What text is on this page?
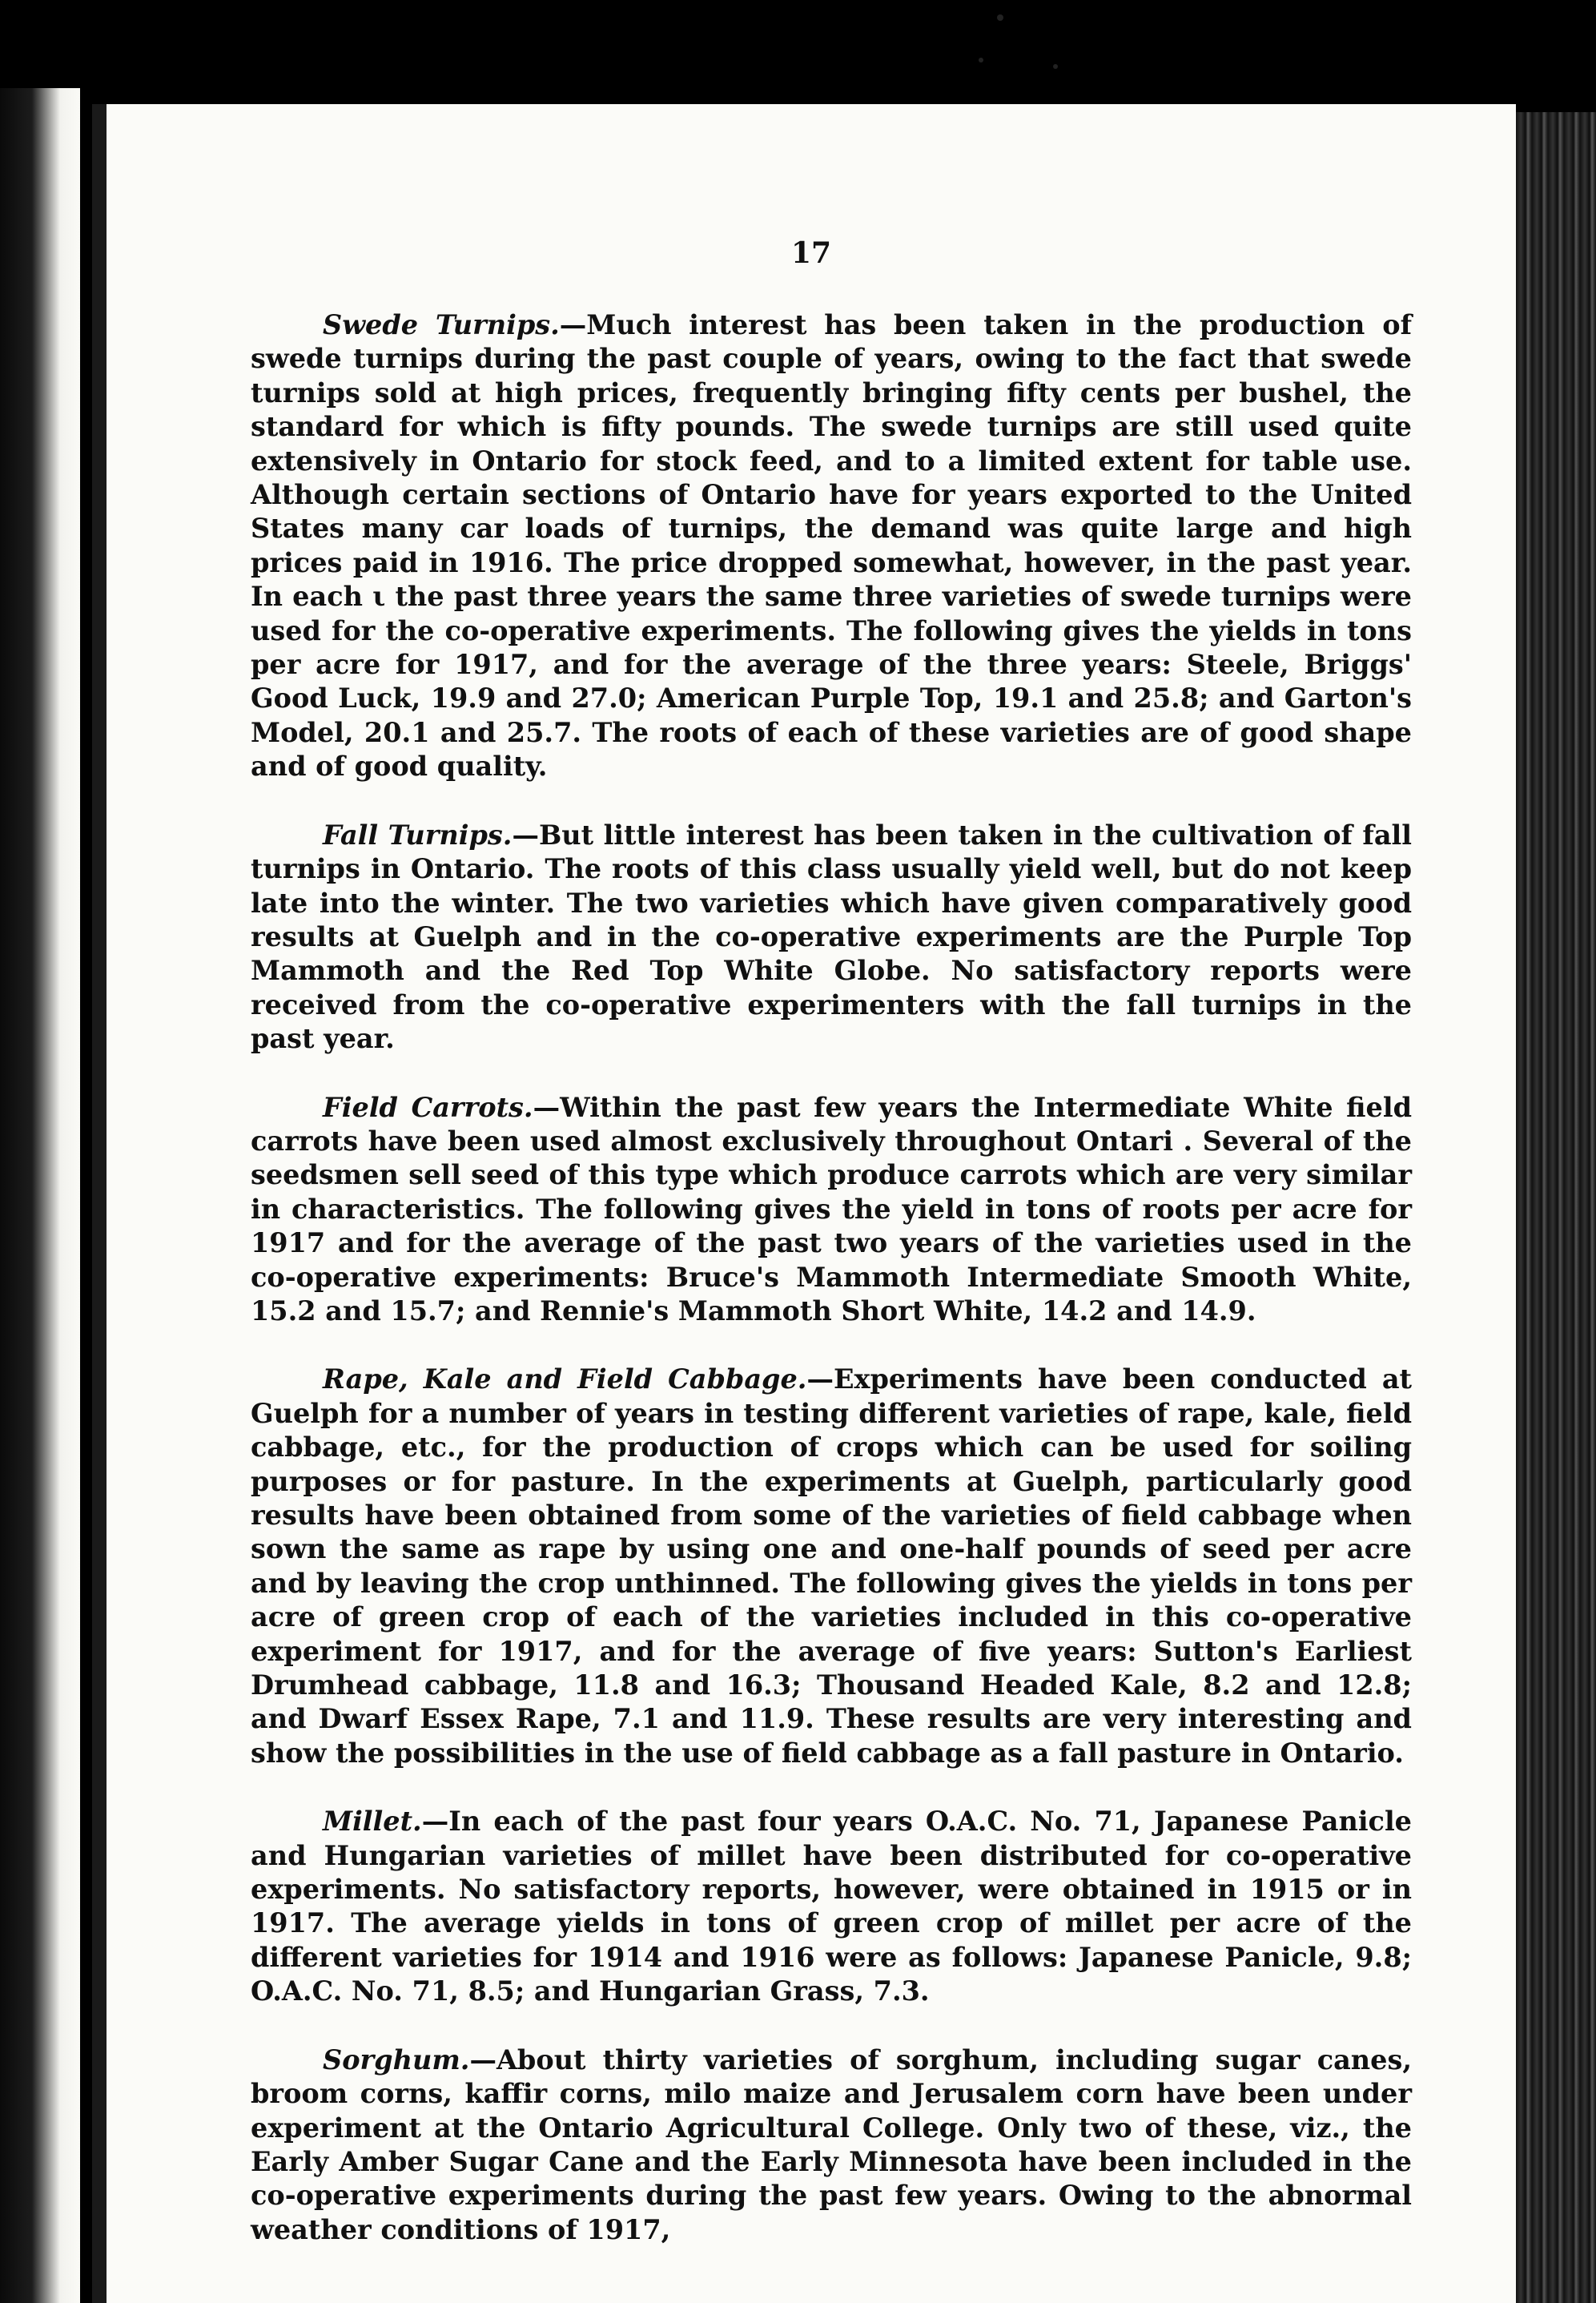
17

Swede Turnips.—Much interest has been taken in the production of swede turnips during the past couple of years, owing to the fact that swede turnips sold at high prices, frequently bringing fifty cents per bushel, the standard for which is fifty pounds. The swede turnips are still used quite extensively in Ontario for stock feed, and to a limited extent for table use. Although certain sections of Ontario have for years exported to the United States many car loads of turnips, the demand was quite large and high prices paid in 1916. The price dropped somewhat, however, in the past year. In each ι the past three years the same three varieties of swede turnips were used for the co-operative experiments. The following gives the yields in tons per acre for 1917, and for the average of the three years: Steele, Briggs' Good Luck, 19.9 and 27.0; American Purple Top, 19.1 and 25.8; and Garton's Model, 20.1 and 25.7. The roots of each of these varieties are of good shape and of good quality.

Fall Turnips.—But little interest has been taken in the cultivation of fall turnips in Ontario. The roots of this class usually yield well, but do not keep late into the winter. The two varieties which have given comparatively good results at Guelph and in the co-operative experiments are the Purple Top Mammoth and the Red Top White Globe. No satisfactory reports were received from the co-operative experimenters with the fall turnips in the past year.

Field Carrots.—Within the past few years the Intermediate White field carrots have been used almost exclusively throughout Ontari . Several of the seedsmen sell seed of this type which produce carrots which are very similar in characteristics. The following gives the yield in tons of roots per acre for 1917 and for the average of the past two years of the varieties used in the co-operative experiments: Bruce's Mammoth Intermediate Smooth White, 15.2 and 15.7; and Rennie's Mammoth Short White, 14.2 and 14.9.

Rape, Kale and Field Cabbage.—Experiments have been conducted at Guelph for a number of years in testing different varieties of rape, kale, field cabbage, etc., for the production of crops which can be used for soiling purposes or for pasture. In the experiments at Guelph, particularly good results have been obtained from some of the varieties of field cabbage when sown the same as rape by using one and one-half pounds of seed per acre and by leaving the crop unthinned. The following gives the yields in tons per acre of green crop of each of the varieties included in this co-operative experiment for 1917, and for the average of five years: Sutton's Earliest Drumhead cabbage, 11.8 and 16.3; Thousand Headed Kale, 8.2 and 12.8; and Dwarf Essex Rape, 7.1 and 11.9. These results are very interesting and show the possibilities in the use of field cabbage as a fall pasture in Ontario.

Millet.—In each of the past four years O.A.C. No. 71, Japanese Panicle and Hungarian varieties of millet have been distributed for co-operative experiments. No satisfactory reports, however, were obtained in 1915 or in 1917. The average yields in tons of green crop of millet per acre of the different varieties for 1914 and 1916 were as follows: Japanese Panicle, 9.8; O.A.C. No. 71, 8.5; and Hungarian Grass, 7.3.

Sorghum.—About thirty varieties of sorghum, including sugar canes, broom corns, kaffir corns, milo maize and Jerusalem corn have been under experiment at the Ontario Agricultural College. Only two of these, viz., the Early Amber Sugar Cane and the Early Minnesota have been included in the co-operative experiments during the past few years. Owing to the abnormal weather conditions of 1917,
